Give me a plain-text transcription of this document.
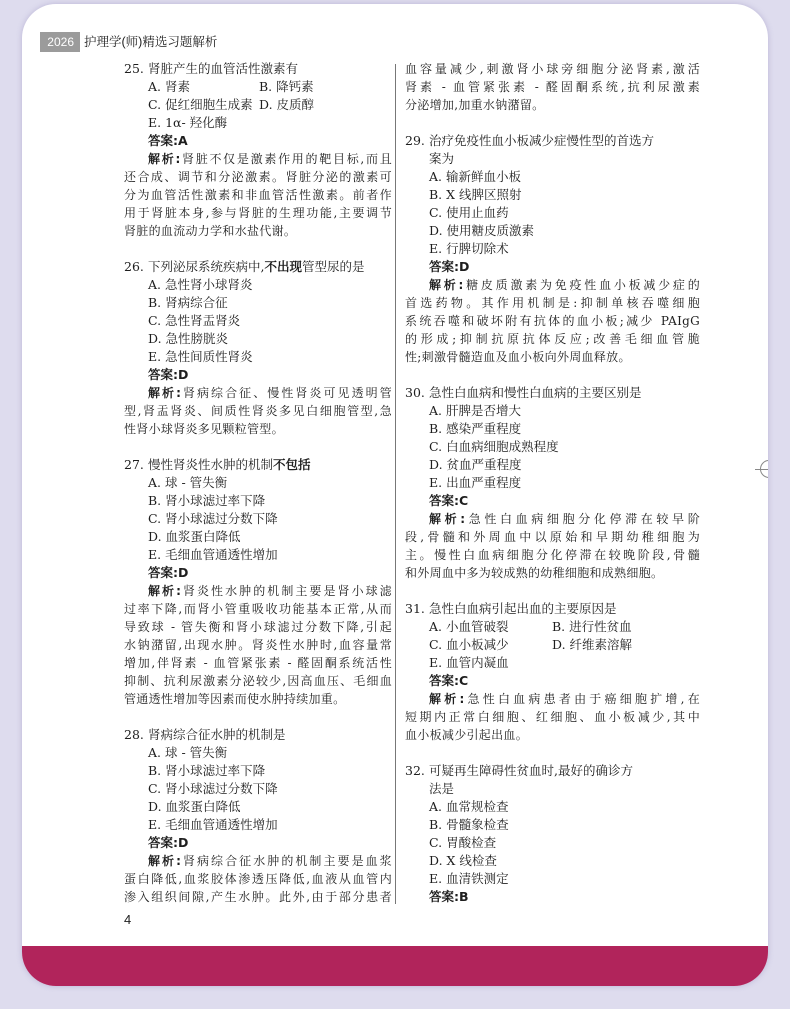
2026 护理学(师)精选习题解析
25. 肾脏产生的血管活性激素有
A. 肾素	B. 降钙素
C. 促红细胞生成素 D. 皮质醇
E. 1α- 羟化酶
答案:A
解析:肾脏不仅是激素作用的靶目标,而且
还合成、调节和分泌激素。肾脏分泌的激素可
分为血管活性激素和非血管活性激素。前者作
用于肾脏本身,参与肾脏的生理功能,主要调节
肾脏的血流动力学和水盐代谢。
26. 下列泌尿系统疾病中,不出现管型尿的是
A. 急性肾小球肾炎
B. 肾病综合征
C. 急性肾盂肾炎
D. 急性膀胱炎
E. 急性间质性肾炎
答案:D
解析:肾病综合征、慢性肾炎可见透明管
型,肾盂肾炎、间质性肾炎多见白细胞管型,急
性肾小球肾炎多见颗粒管型。
27. 慢性肾炎性水肿的机制不包括
A. 球 - 管失衡
B. 肾小球滤过率下降
C. 肾小球滤过分数下降
D. 血浆蛋白降低
E. 毛细血管通透性增加
答案:D
解析:肾炎性水肿的机制主要是肾小球滤
过率下降,而肾小管重吸收功能基本正常,从而
导致球 - 管失衡和肾小球滤过分数下降,引起
水钠潴留,出现水肿。肾炎性水肿时,血容量常
增加,伴肾素 - 血管紧张素 - 醛固酮系统活性
抑制、抗利尿激素分泌较少,因高血压、毛细血
管通透性增加等因素而使水肿持续加重。
28. 肾病综合征水肿的机制是
A. 球 - 管失衡
B. 肾小球滤过率下降
C. 肾小球滤过分数下降
D. 血浆蛋白降低
E. 毛细血管通透性增加
答案:D
解析:肾病综合征水肿的机制主要是血浆
蛋白降低,血浆胶体渗透压降低,血液从血管内
渗入组织间隙,产生水肿。此外,由于部分患者
血容量减少,刺激肾小球旁细胞分泌肾素,激活
肾素 - 血管紧张素 - 醛固酮系统,抗利尿激素
分泌增加,加重水钠潴留。
29. 治疗免疫性血小板减少症慢性型的首选方
案为
A. 输新鲜血小板
B. X 线脾区照射
C. 使用止血药
D. 使用糖皮质激素
E. 行脾切除术
答案:D
解析:糖皮质激素为免疫性血小板减少症的
首选药物。其作用机制是:抑制单核吞噬细胞
系统吞噬和破坏附有抗体的血小板;减少 PAIgG
的形成;抑制抗原抗体反应;改善毛细血管脆
性;刺激骨髓造血及血小板向外周血释放。
30. 急性白血病和慢性白血病的主要区别是
A. 肝脾是否增大
B. 感染严重程度
C. 白血病细胞成熟程度
D. 贫血严重程度
E. 出血严重程度
答案:C
解析:急性白血病细胞分化停滞在较早阶
段,骨髓和外周血中以原始和早期幼稚细胞为
主。慢性白血病细胞分化停滞在较晚阶段,骨髓
和外周血中多为较成熟的幼稚细胞和成熟细胞。
31. 急性白血病引起出血的主要原因是
A. 小血管破裂	B. 进行性贫血
C. 血小板减少	D. 纤维素溶解
E. 血管内凝血
答案:C
解析:急性白血病患者由于癌细胞扩增,在
短期内正常白细胞、红细胞、血小板减少,其中
血小板减少引起出血。
32. 可疑再生障碍性贫血时,最好的确诊方
法是
A. 血常规检查
B. 骨髓象检查
C. 胃酸检查
D. X 线检查
E. 血清铁测定
答案:B
4
